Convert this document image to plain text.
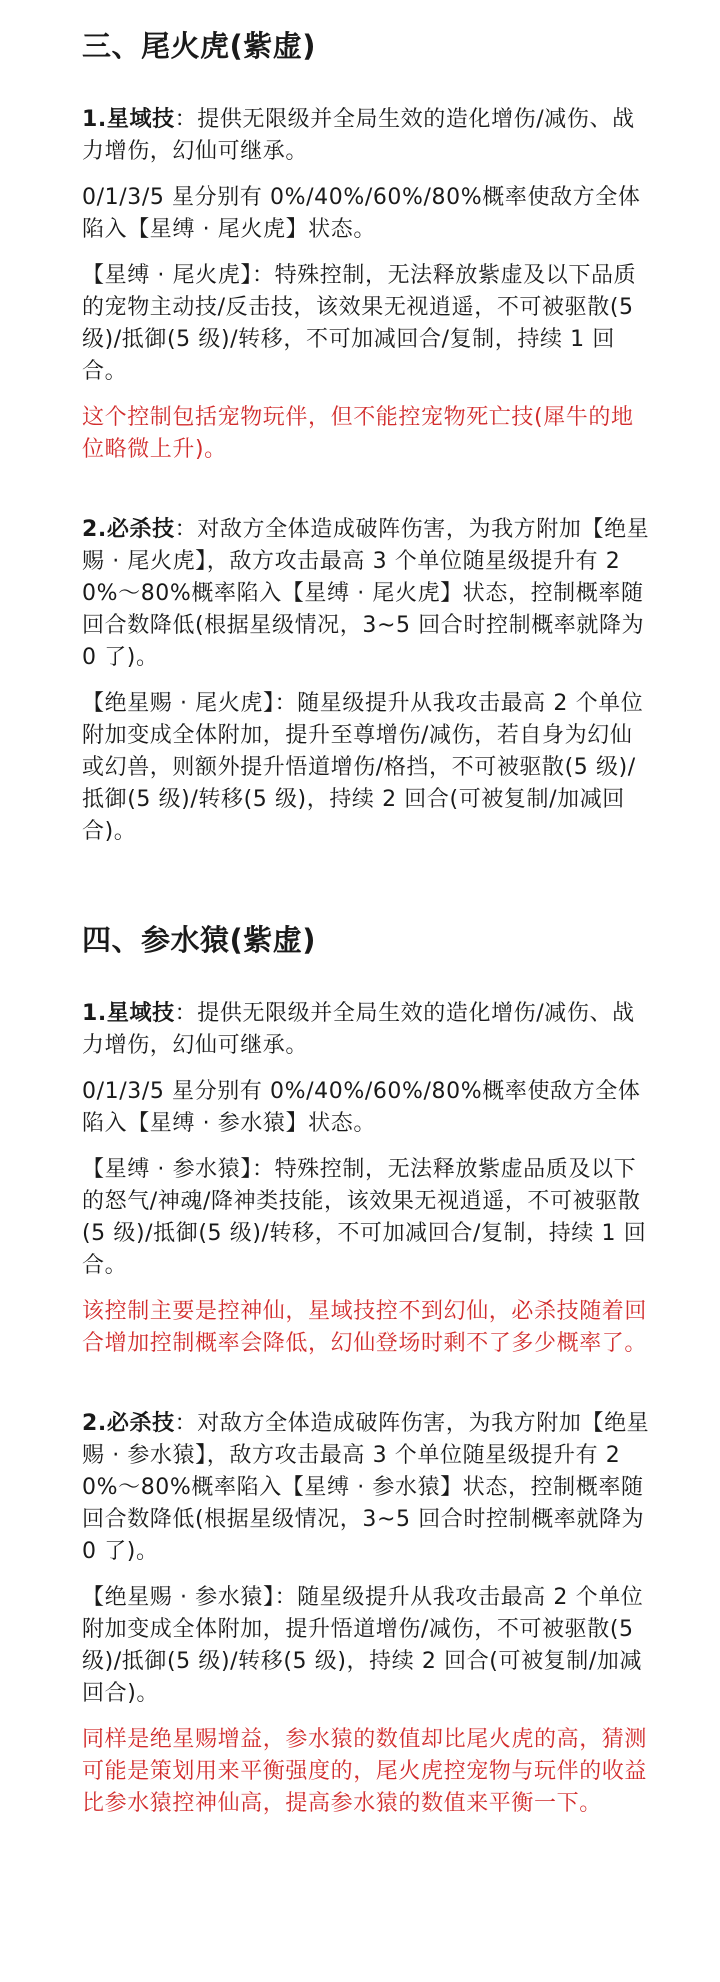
三、尾火虎(紫虚)

1.星域技：提供无限级并全局生效的造化增伤/减伤、战力增伤，幻仙可继承。

0/1/3/5 星分别有 0%/40%/60%/80%概率使敌方全体陷入【星缚 · 尾火虎】状态。

【星缚 · 尾火虎】：特殊控制，无法释放紫虚及以下品质的宠物主动技/反击技，该效果无视逍遥，不可被驱散(5 级)/抵御(5 级)/转移，不可加减回合/复制，持续 1 回合。

这个控制包括宠物玩伴，但不能控宠物死亡技(犀牛的地位略微上升)。

2.必杀技：对敌方全体造成破阵伤害，为我方附加【绝星赐 · 尾火虎】，敌方攻击最高 3 个单位随星级提升有 20%～80%概率陷入【星缚 · 尾火虎】状态，控制概率随回合数降低(根据星级情况，3~5 回合时控制概率就降为 0 了)。

【绝星赐 · 尾火虎】：随星级提升从我攻击最高 2 个单位附加变成全体附加，提升至尊增伤/减伤，若自身为幻仙或幻兽，则额外提升悟道增伤/格挡，不可被驱散(5 级)/抵御(5 级)/转移(5 级)，持续 2 回合(可被复制/加减回合)。

四、参水猿(紫虚)

1.星域技：提供无限级并全局生效的造化增伤/减伤、战力增伤，幻仙可继承。

0/1/3/5 星分别有 0%/40%/60%/80%概率使敌方全体陷入【星缚 · 参水猿】状态。

【星缚 · 参水猿】：特殊控制，无法释放紫虚品质及以下的怒气/神魂/降神类技能，该效果无视逍遥，不可被驱散(5 级)/抵御(5 级)/转移，不可加减回合/复制，持续 1 回合。

该控制主要是控神仙，星域技控不到幻仙，必杀技随着回合增加控制概率会降低，幻仙登场时剩不了多少概率了。

2.必杀技：对敌方全体造成破阵伤害，为我方附加【绝星赐 · 参水猿】，敌方攻击最高 3 个单位随星级提升有 20%～80%概率陷入【星缚 · 参水猿】状态，控制概率随回合数降低(根据星级情况，3~5 回合时控制概率就降为 0 了)。

【绝星赐 · 参水猿】：随星级提升从我攻击最高 2 个单位附加变成全体附加，提升悟道增伤/减伤，不可被驱散(5 级)/抵御(5 级)/转移(5 级)，持续 2 回合(可被复制/加减回合)。

同样是绝星赐增益，参水猿的数值却比尾火虎的高，猜测可能是策划用来平衡强度的，尾火虎控宠物与玩伴的收益比参水猿控神仙高，提高参水猿的数值来平衡一下。
